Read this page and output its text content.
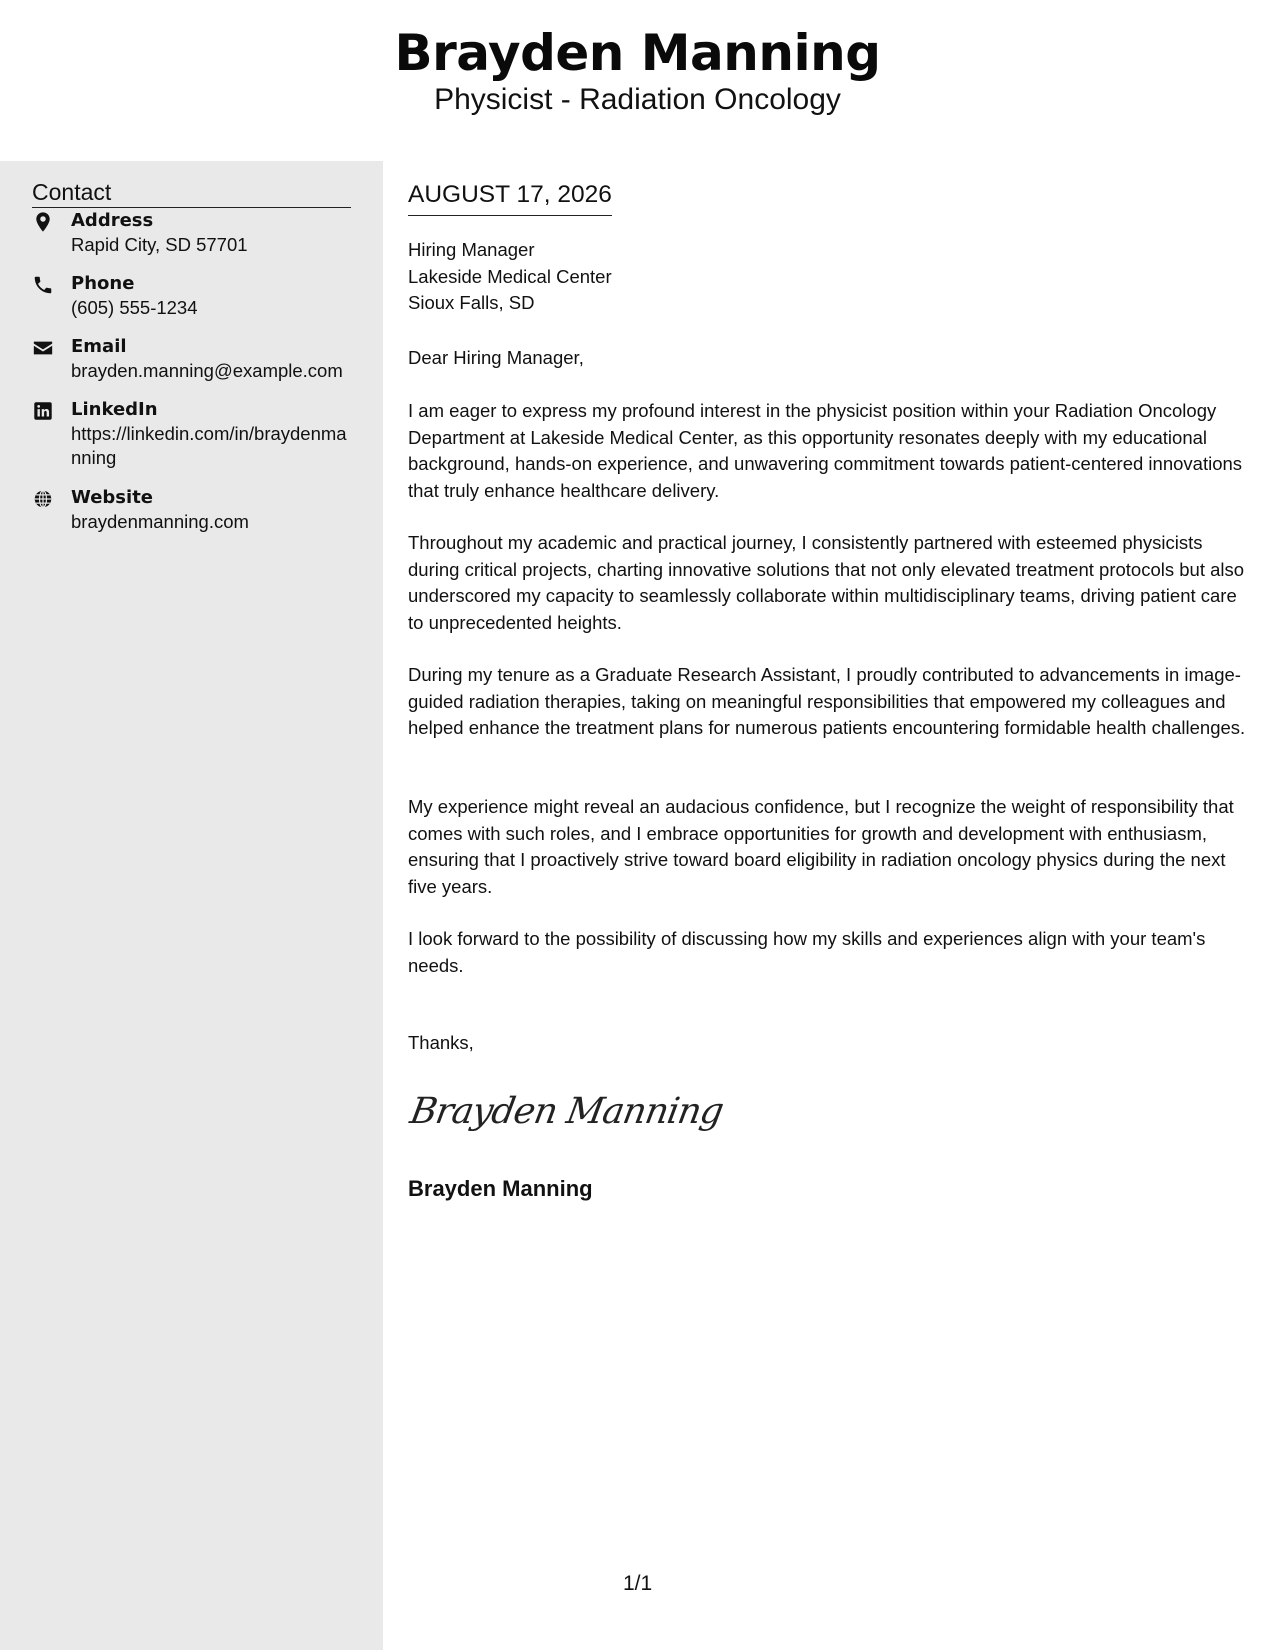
Brayden Manning
Physicist - Radiation Oncology
Contact
Address
Rapid City, SD 57701
Phone
(605) 555-1234
Email
brayden.manning@example.com
LinkedIn
https://linkedin.com/in/braydenmanning
Website
braydenmanning.com
AUGUST 17, 2026
Hiring Manager
Lakeside Medical Center
Sioux Falls, SD
Dear Hiring Manager,
I am eager to express my profound interest in the physicist position within your Radiation Oncology Department at Lakeside Medical Center, as this opportunity resonates deeply with my educational background, hands-on experience, and unwavering commitment towards patient-centered innovations that truly enhance healthcare delivery.
Throughout my academic and practical journey, I consistently partnered with esteemed physicists during critical projects, charting innovative solutions that not only elevated treatment protocols but also underscored my capacity to seamlessly collaborate within multidisciplinary teams, driving patient care to unprecedented heights.
During my tenure as a Graduate Research Assistant, I proudly contributed to advancements in image-guided radiation therapies, taking on meaningful responsibilities that empowered my colleagues and helped enhance the treatment plans for numerous patients encountering formidable health challenges.
My experience might reveal an audacious confidence, but I recognize the weight of responsibility that comes with such roles, and I embrace opportunities for growth and development with enthusiasm, ensuring that I proactively strive toward board eligibility in radiation oncology physics during the next five years.
I look forward to the possibility of discussing how my skills and experiences align with your team's needs.
Thanks,
Brayden Manning
Brayden Manning
1/1
